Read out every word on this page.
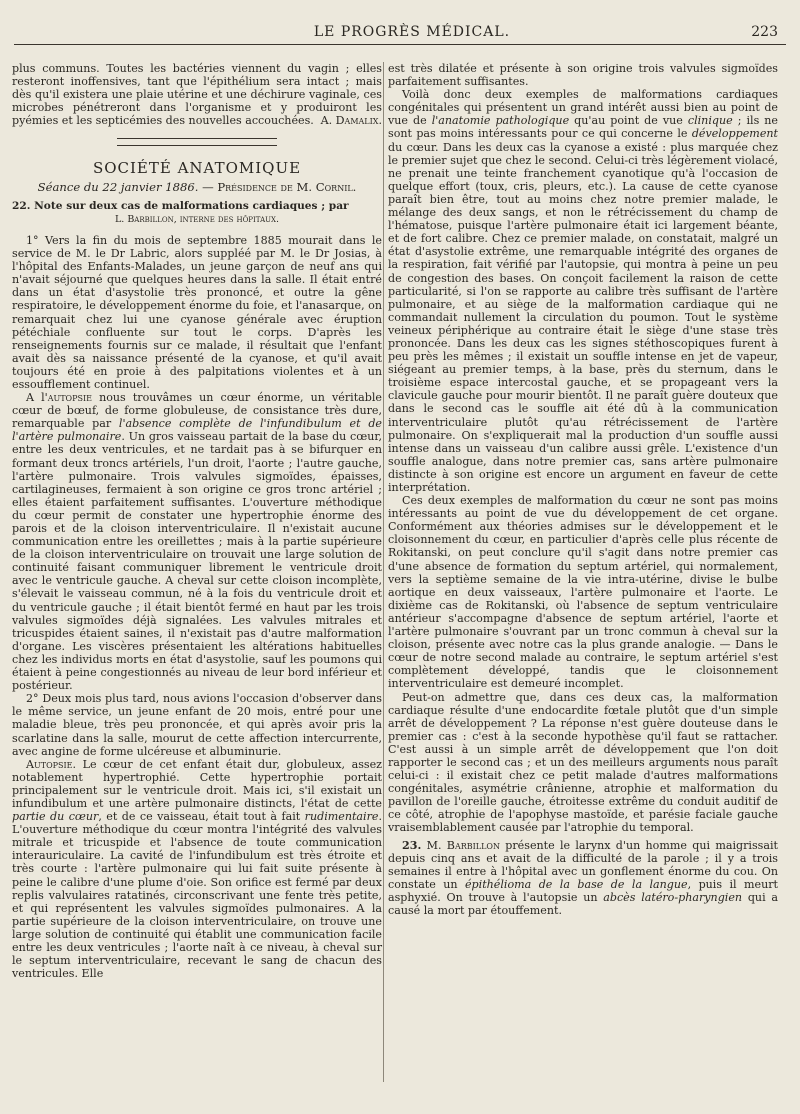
LE PROGRÈS MÉDICAL.	223

plus communs. Toutes les bactéries viennent du vagin ; elles resteront inoffensives, tant que l'épithélium sera intact ; mais dès qu'il existera une plaie utérine et une déchirure vaginale, ces microbes pénétreront dans l'organisme et y produiront les pyémies et les septicémies des nouvelles accouchées. A. Damalix.
SOCIÉTÉ ANATOMIQUE
Séance du 22 janvier 1886. — Présidence de M. Cornil.
22. Note sur deux cas de malformations cardiaques ; par
L. Barbillon, interne des hôpitaux.

1° Vers la fin du mois de septembre 1885 mourait dans le service de M. le Dr Labric, alors suppléé par M. le Dr Josias, à l'hôpital des Enfants-Malades, un jeune garçon de neuf ans qui n'avait séjourné que quelques heures dans la salle. Il était entré dans un état d'asystolie très prononcé, et outre la gêne respiratoire, le développement énorme du foie, et l'anasarque, on remarquait chez lui une cyanose générale avec éruption pétéchiale confluente sur tout le corps. D'après les renseignements fournis sur ce malade, il résultait que l'enfant avait dès sa naissance présenté de la cyanose, et qu'il avait toujours été en proie à des palpitations violentes et à un essoufflement continuel.

A l'autopsie nous trouvâmes un cœur énorme, un véritable cœur de bœuf, de forme globuleuse, de consistance très dure, remarquable par l'absence complète de l'infundibulum et de l'artère pulmonaire. Un gros vaisseau partait de la base du cœur, entre les deux ventricules, et ne tardait pas à se bifurquer en formant deux troncs artériels, l'un droit, l'aorte ; l'autre gauche, l'artère pulmonaire. Trois valvules sigmoïdes, épaisses, cartilagineuses, fermaient à son origine ce gros tronc artériel ; elles étaient parfaitement suffisantes. L'ouverture méthodique du cœur permit de constater une hypertrophie énorme des parois et de la cloison interventriculaire. Il n'existait aucune communication entre les oreillettes ; mais à la partie supérieure de la cloison interventriculaire on trouvait une large solution de continuité faisant communiquer librement le ventricule droit avec le ventricule gauche. A cheval sur cette cloison incomplète, s'élevait le vaisseau commun, né à la fois du ventricule droit et du ventricule gauche ; il était bientôt fermé en haut par les trois valvules sigmoïdes déjà signalées. Les valvules mitrales et tricuspides étaient saines, il n'existait pas d'autre malformation d'organe. Les viscères présentaient les altérations habituelles chez les individus morts en état d'asystolie, sauf les poumons qui étaient à peine congestionnés au niveau de leur bord inférieur et postérieur.

2° Deux mois plus tard, nous avions l'occasion d'observer dans le même service, un jeune enfant de 20 mois, entré pour une maladie bleue, très peu prononcée, et qui après avoir pris la scarlatine dans la salle, mourut de cette affection intercurrente, avec angine de forme ulcéreuse et albuminurie.

Autopsie. Le cœur de cet enfant était dur, globuleux, assez notablement hypertrophié. Cette hypertrophie portait principalement sur le ventricule droit. Mais ici, s'il existait un infundibulum et une artère pulmonaire distincts, l'état de cette partie du cœur, et de ce vaisseau, était tout à fait rudimentaire. L'ouverture méthodique du cœur montra l'intégrité des valvules mitrale et tricuspide et l'absence de toute communication interauriculaire. La cavité de l'infundibulum est très étroite et très courte : l'artère pulmonaire qui lui fait suite présente à peine le calibre d'une plume d'oie. Son orifice est fermé par deux replis valvulaires ratatinés, circonscrivant une fente très petite, et qui représentent les valvules sigmoïdes pulmonaires. A la partie supérieure de la cloison interventriculaire, on trouve une large solution de continuité qui établit une communication facile entre les deux ventricules ; l'aorte naît à ce niveau, à cheval sur le septum interventriculaire, recevant le sang de chacun des ventricules. Elle

est très dilatée et présente à son origine trois valvules sigmoïdes parfaitement suffisantes.

Voilà donc deux exemples de malformations cardiaques congénitales qui présentent un grand intérêt aussi bien au point de vue de l'anatomie pathologique qu'au point de vue clinique ; ils ne sont pas moins intéressants pour ce qui concerne le développement du cœur. Dans les deux cas la cyanose a existé : plus marquée chez le premier sujet que chez le second. Celui-ci très légèrement violacé, ne prenait une teinte franchement cyanotique qu'à l'occasion de quelque effort (toux, cris, pleurs, etc.). La cause de cette cyanose paraît bien être, tout au moins chez notre premier malade, le mélange des deux sangs, et non le rétrécissement du champ de l'hématose, puisque l'artère pulmonaire était ici largement béante, et de fort calibre. Chez ce premier malade, on constatait, malgré un état d'asystolie extrême, une remarquable intégrité des organes de la respiration, fait vérifié par l'autopsie, qui montra à peine un peu de congestion des bases. On conçoit facilement la raison de cette particularité, si l'on se rapporte au calibre très suffisant de l'artère pulmonaire, et au siège de la malformation cardiaque qui ne commandait nullement la circulation du poumon. Tout le système veineux périphérique au contraire était le siège d'une stase très prononcée. Dans les deux cas les signes stéthoscopiques furent à peu près les mêmes ; il existait un souffle intense en jet de vapeur, siégeant au premier temps, à la base, près du sternum, dans le troisième espace intercostal gauche, et se propageant vers la clavicule gauche pour mourir bientôt. Il ne paraît guère douteux que dans le second cas le souffle ait été dû à la communication interventriculaire plutôt qu'au rétrécissement de l'artère pulmonaire. On s'expliquerait mal la production d'un souffle aussi intense dans un vaisseau d'un calibre aussi grêle. L'existence d'un souffle analogue, dans notre premier cas, sans artère pulmonaire distincte à son origine est encore un argument en faveur de cette interprétation.

Ces deux exemples de malformation du cœur ne sont pas moins intéressants au point de vue du développement de cet organe. Conformément aux théories admises sur le développement et le cloisonnement du cœur, en particulier d'après celle plus récente de Rokitanski, on peut conclure qu'il s'agit dans notre premier cas d'une absence de formation du septum artériel, qui normalement, vers la septième semaine de la vie intra-utérine, divise le bulbe aortique en deux vaisseaux, l'artère pulmonaire et l'aorte. Le dixième cas de Rokitanski, où l'absence de septum ventriculaire antérieur s'accompagne d'absence de septum artériel, l'aorte et l'artère pulmonaire s'ouvrant par un tronc commun à cheval sur la cloison, présente avec notre cas la plus grande analogie. — Dans le cœur de notre second malade au contraire, le septum artériel s'est complètement développé, tandis que le cloisonnement interventriculaire est demeuré incomplet.

Peut-on admettre que, dans ces deux cas, la malformation cardiaque résulte d'une endocardite fœtale plutôt que d'un simple arrêt de développement ? La réponse n'est guère douteuse dans le premier cas : c'est à la seconde hypothèse qu'il faut se rattacher. C'est aussi à un simple arrêt de développement que l'on doit rapporter le second cas ; et un des meilleurs arguments nous paraît celui-ci : il existait chez ce petit malade d'autres malformations congénitales, asymétrie crânienne, atrophie et malformation du pavillon de l'oreille gauche, étroitesse extrême du conduit auditif de ce côté, atrophie de l'apophyse mastoïde, et parésie faciale gauche vraisemblablement causée par l'atrophie du temporal.

23. M. Barbillon présente le larynx d'un homme qui maigrissait depuis cinq ans et avait de la difficulté de la parole ; il y a trois semaines il entre à l'hôpital avec un gonflement énorme du cou. On constate un épithélioma de la base de la langue, puis il meurt asphyxié. On trouve à l'autopsie un abcès latéro-pharyngien qui a causé la mort par étouffement.
